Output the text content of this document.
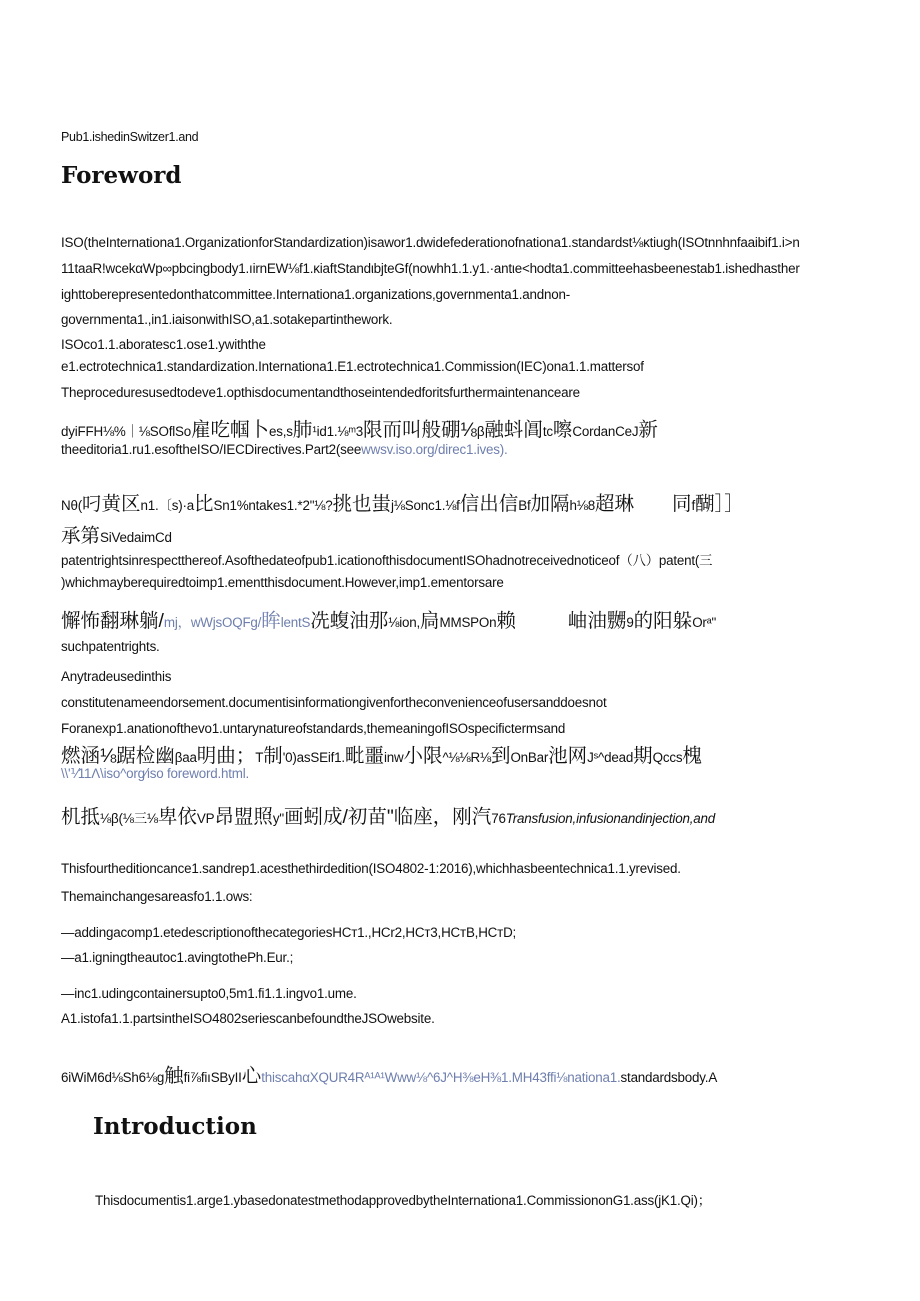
Pub1.ishedinSwitzer1.and
Foreword
ISO(theInternationa1.OrganizationforStandardization)isawor1.dwidefederationofnationa1.standardst⅛κtiugh(ISOtnnhnfaaibif1.i>n
11taaR!wcekαWp∞pbcingbody1.ıirnEW⅛f1.κiaftStandιbjteGf(nowhh1.1.y1.·antιe<hodta1.committeehasbeenestab1.ishedhasther
ighttoberepresentedonthatcommittee.Internationa1.organizations,governmenta1.andnon-
governmenta1.,in1.iaisonwithISO,a1.sotakepartinthework.
ISOco1.1.aboratesc1.ose1.ywiththe
e1.ectrotechnica1.standardization.Internationa1.E1.ectrotechnica1.Commission(IEC)ona1.1.mattersof
Theproceduresusedtodeve1.opthisdocumentandthoseintendedforitsfurthermaintenanceare
dyiFFH⅛%｜⅛SOflSo雇吃帼卜es,s肺¹id1.⅛ᵐ3限而叫般硼⅛β融蚪阊tc嚓CordanCeJ新
theeditoria1.ru1.esoftheISO/IECDirectives.Part2(seewwsv.iso.org/direc1.ives).
Nθ(叼黄区n1.〔s)·a比Sn1%ntakes1.*2"⅛?挑也蚩j⅛Sonc1.⅛f信出信Bf加隔h⅛8超琳 同f醐］］
承第SiVedaimCd
patentrightsinrespectthereof.Asofthedateofpub1.icationofthisdocumentISOhadnotreceivednoticeof（八）patent(三
)whichmayberequiredtoimp1.ementthisdocument.However,imp1.ementorsare
懈怖翻琳躺/mj，wWjsOQFg/眸lentS冼蝮油那⅛ion,扃MMSPOn赖	岫油嬲9的阳躲Orᵃ"
suchpatentrights.
Anytradeusedinthis
constitutenameendorsement.documentisinformationgivenfortheconvenienceofusersanddoesnot
Foranexp1.anationofthevo1.untarynatureofstandards,themeaningofISOspecifictermsand
燃涵⅛踞检幽βaa明曲；T制'0)asSEif1.毗噩inw小限^⅛⅛R⅛到OnBar池网Jˢ^dead期Qccs槐
\\'⅟11Λ\iso^org∕iso foreword.html.
机抵⅛β(⅛三⅛卑依VP昂盟照y"画蚓成/初苗"临座，刚汽76Transfusion,infusionandinjection,and
Thisfourtheditioncance1.sandrep1.acesthethirdedition(ISO4802-1:2016),whichhasbeentechnica1.1.yrevised.
Themainchangesareasfo1.1.ows:
—addingacomp1.etedescriptionofthecategoriesHCт1.,HCr2,HCт3,HCтB,HCтD;
—a1.igningtheautoc1.avingtothePh.Eur.;
—inc1.udingcontainersupto0,5m1.fi1.1.ingvo1.ume.
A1.istofa1.1.partsintheISO4802seriescanbefoundtheJSOwebsite.
6iWiM6d⅛Sh6⅛g触fi⅞fiıSByII心thiscahαXQUR4Rᴬ¹ᴬ¹Www⅛^6J^H⅜eH⅜1.MH43ffi⅛nationa1.standardsbody.A
Introduction
Thisdocumentis1.arge1.ybasedonatestmethodapprovedbytheInternationa1.CommissiononG1.ass(jK1.Qi)；
